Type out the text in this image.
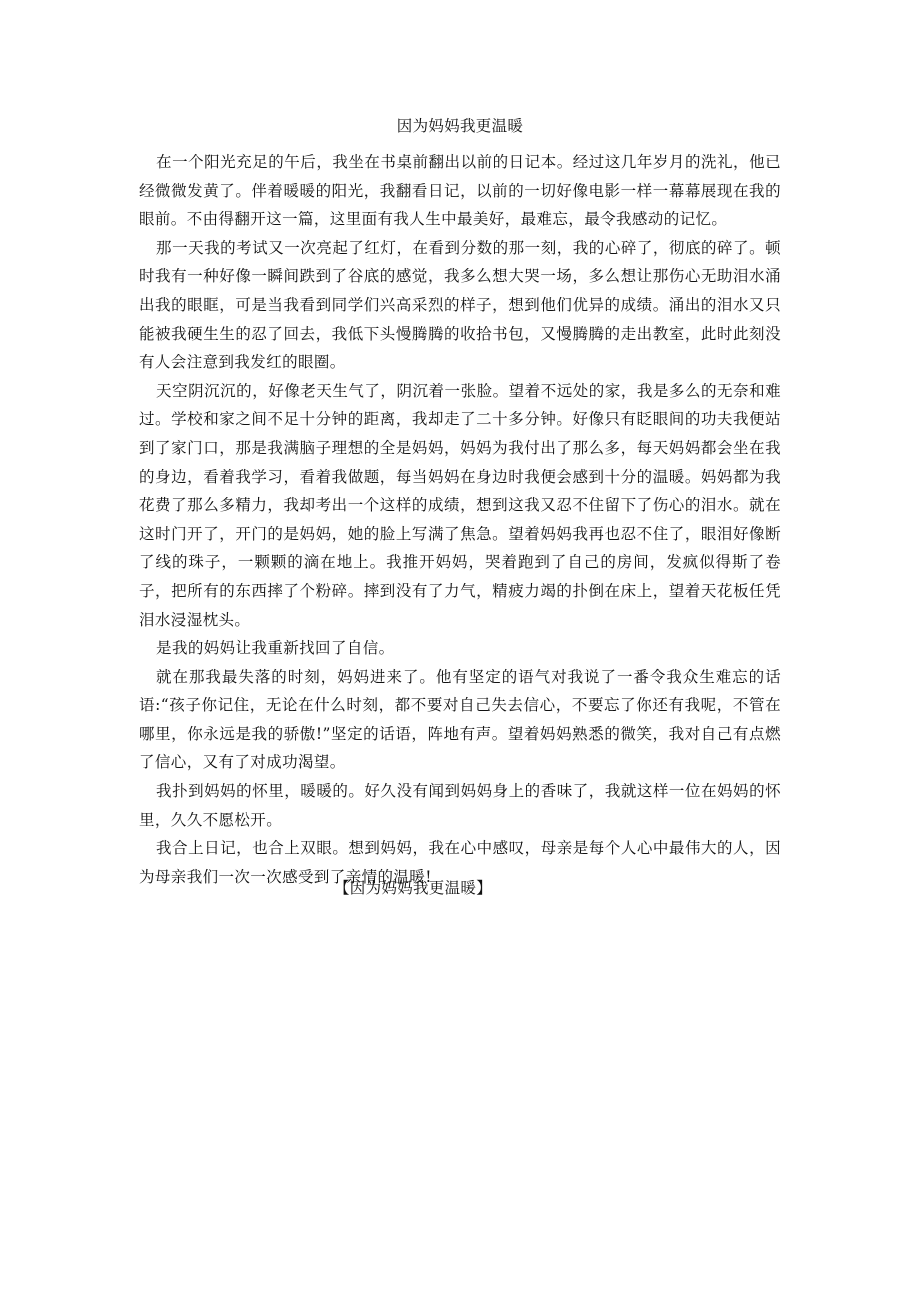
因为妈妈我更温暖

在一个阳光充足的午后，我坐在书桌前翻出以前的日记本。经过这几年岁月的洗礼，他已经微微发黄了。伴着暖暖的阳光，我翻看日记，以前的一切好像电影一样一幕幕展现在我的眼前。不由得翻开这一篇，这里面有我人生中最美好，最难忘，最令我感动的记忆。

那一天我的考试又一次亮起了红灯，在看到分数的那一刻，我的心碎了，彻底的碎了。顿时我有一种好像一瞬间跌到了谷底的感觉，我多么想大哭一场，多么想让那伤心无助泪水涌出我的眼眶，可是当我看到同学们兴高采烈的样子，想到他们优异的成绩。涌出的泪水又只能被我硬生生的忍了回去，我低下头慢腾腾的收拾书包，又慢腾腾的走出教室，此时此刻没有人会注意到我发红的眼圈。

天空阴沉沉的，好像老天生气了，阴沉着一张脸。望着不远处的家，我是多么的无奈和难过。学校和家之间不足十分钟的距离，我却走了二十多分钟。好像只有眨眼间的功夫我便站到了家门口，那是我满脑子理想的全是妈妈，妈妈为我付出了那么多，每天妈妈都会坐在我的身边，看着我学习，看着我做题，每当妈妈在身边时我便会感到十分的温暖。妈妈都为我花费了那么多精力，我却考出一个这样的成绩，想到这我又忍不住留下了伤心的泪水。就在这时门开了，开门的是妈妈，她的脸上写满了焦急。望着妈妈我再也忍不住了，眼泪好像断了线的珠子，一颗颗的滴在地上。我推开妈妈，哭着跑到了自己的房间，发疯似得斯了卷子，把所有的东西摔了个粉碎。摔到没有了力气，精疲力竭的扑倒在床上，望着天花板任凭泪水浸湿枕头。

是我的妈妈让我重新找回了自信。

就在那我最失落的时刻，妈妈进来了。他有坚定的语气对我说了一番令我众生难忘的话语:“孩子你记住，无论在什么时刻，都不要对自己失去信心，不要忘了你还有我呢，不管在哪里，你永远是我的骄傲!”坚定的话语，阵地有声。望着妈妈熟悉的微笑，我对自己有点燃了信心，又有了对成功渴望。

我扑到妈妈的怀里，暖暖的。好久没有闻到妈妈身上的香味了，我就这样一位在妈妈的怀里，久久不愿松开。

我合上日记，也合上双眼。想到妈妈，我在心中感叹，母亲是每个人心中最伟大的人，因为母亲我们一次一次感受到了亲情的温暖!

【因为妈妈我更温暖】
